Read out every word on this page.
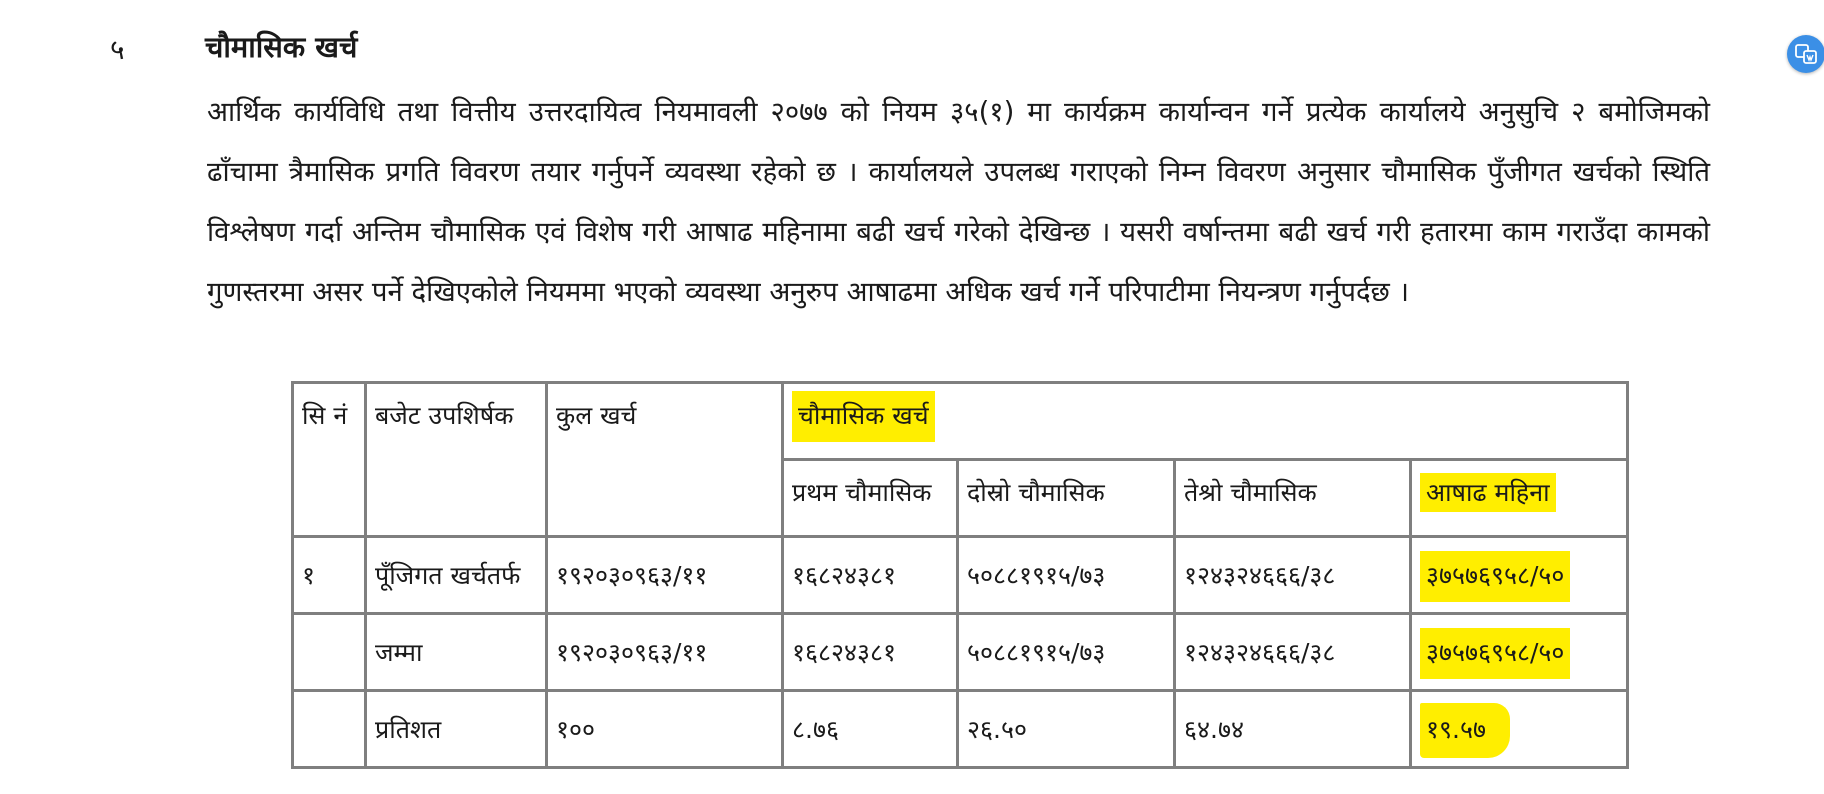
५	चौमासिक खर्च
आर्थिक कार्यविधि तथा वित्तीय उत्तरदायित्व नियमावली २०७७ को नियम ३५(१) मा कार्यक्रम कार्यान्वन गर्ने प्रत्येक कार्यालये अनुसुचि २ बमोजिमको ढाँचामा त्रैमासिक प्रगति विवरण तयार गर्नुपर्ने व्यवस्था रहेको छ । कार्यालयले उपलब्ध गराएको निम्न विवरण अनुसार चौमासिक पुँजीगत खर्चको स्थिति विश्लेषण गर्दा अन्तिम चौमासिक एवं विशेष गरी आषाढ महिनामा बढी खर्च गरेको देखिन्छ । यसरी वर्षान्तमा बढी खर्च गरी हतारमा काम गराउँदा कामको गुणस्तरमा असर पर्ने देखिएकोले नियममा भएको व्यवस्था अनुरुप आषाढमा अधिक खर्च गर्ने परिपाटीमा नियन्त्रण गर्नुपर्दछ ।
सि नं	बजेट उपशिर्षक	कुल खर्च	चौमासिक खर्च			
			प्रथम चौमासिक	दोस्रो चौमासिक	तेश्रो चौमासिक	आषाढ महिना
१	पूँजिगत खर्चतर्फ	१९२०३०९६३/११	१६८२४३८१	५०८८१९१५/७३	१२४३२४६६६/३८	३७५७६९५८/५०
	जम्मा	१९२०३०९६३/११	१६८२४३८१	५०८८१९१५/७३	१२४३२४६६६/३८	३७५७६९५८/५०
	प्रतिशत	१००	८.७६	२६.५०	६४.७४	१९.५७
